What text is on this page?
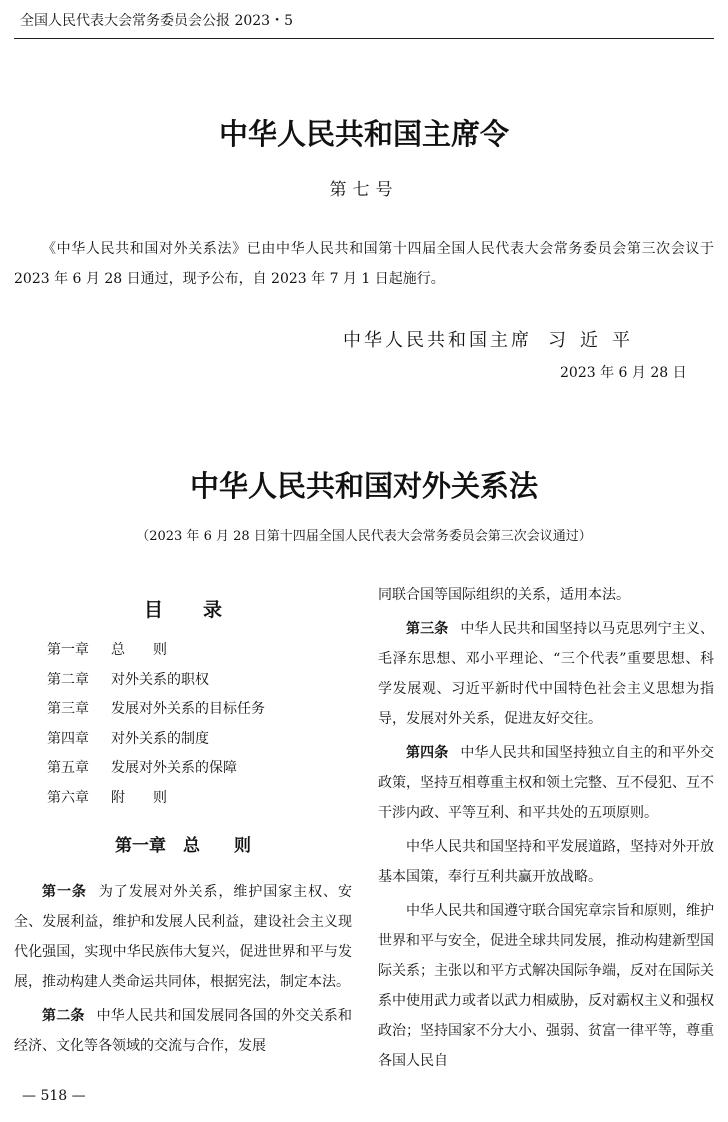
全国人民代表大会常务委员会公报 2023・5
中华人民共和国主席令
第七号
《中华人民共和国对外关系法》已由中华人民共和国第十四届全国人民代表大会常务委员会第三次会议于 2023 年 6 月 28 日通过，现予公布，自 2023 年 7 月 1 日起施行。
中华人民共和国主席 习近平
2023 年 6 月 28 日
中华人民共和国对外关系法
（2023 年 6 月 28 日第十四届全国人民代表大会常务委员会第三次会议通过）
目录
第一章 总　　则
第二章 对外关系的职权
第三章 发展对外关系的目标任务
第四章 对外关系的制度
第五章 发展对外关系的保障
第六章 附　　则
第一章　总　　则

第一条 为了发展对外关系，维护国家主权、安全、发展利益，维护和发展人民利益，建设社会主义现代化强国，实现中华民族伟大复兴，促进世界和平与发展，推动构建人类命运共同体，根据宪法，制定本法。

第二条 中华人民共和国发展同各国的外交关系和经济、文化等各领域的交流与合作，发展

同联合国等国际组织的关系，适用本法。

第三条 中华人民共和国坚持以马克思列宁主义、毛泽东思想、邓小平理论、“三个代表”重要思想、科学发展观、习近平新时代中国特色社会主义思想为指导，发展对外关系，促进友好交往。

第四条 中华人民共和国坚持独立自主的和平外交政策，坚持互相尊重主权和领土完整、互不侵犯、互不干涉内政、平等互利、和平共处的五项原则。

中华人民共和国坚持和平发展道路，坚持对外开放基本国策，奉行互利共赢开放战略。

中华人民共和国遵守联合国宪章宗旨和原则，维护世界和平与安全，促进全球共同发展，推动构建新型国际关系；主张以和平方式解决国际争端，反对在国际关系中使用武力或者以武力相威胁，反对霸权主义和强权政治；坚持国家不分大小、强弱、贫富一律平等，尊重各国人民自

— 518 —
